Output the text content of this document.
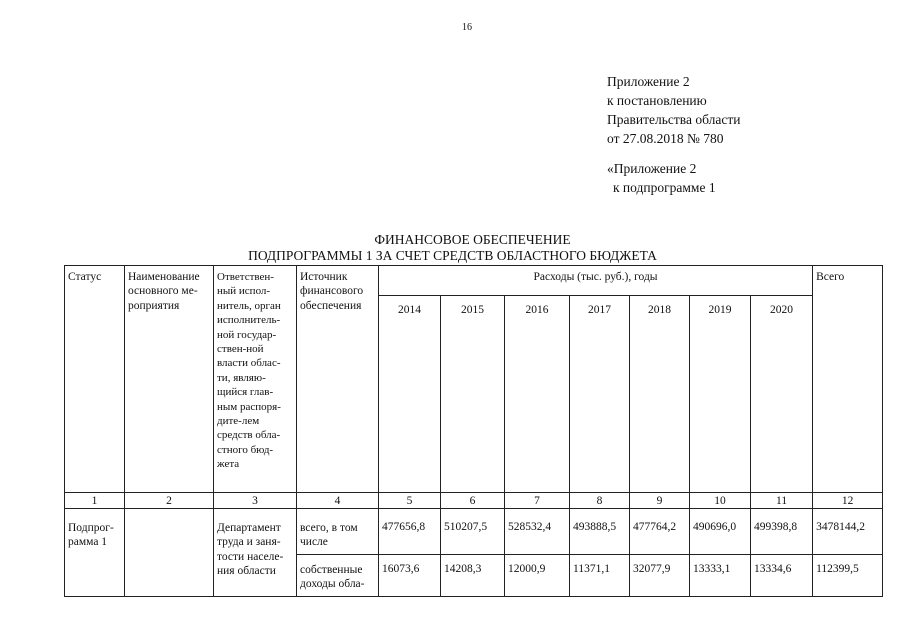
16
Приложение 2
к постановлению
Правительства области
от 27.08.2018 № 780
«Приложение 2
к подпрограмме 1
ФИНАНСОВОЕ ОБЕСПЕЧЕНИЕ
ПОДПРОГРАММЫ 1 ЗА СЧЕТ СРЕДСТВ ОБЛАСТНОГО БЮДЖЕТА
Статус	Наименование основного ме-роприятия	Ответствен-ный испол-нитель, орган исполнитель-ной государ-ствен-ной власти облас-ти, являю-щийся глав-ным распоря-дите-лем средств обла-стного бюд-жета	Источник финансового обеспечения	Расходы (тыс. руб.), годы							Всего
				2014	2015	2016	2017	2018	2019	2020	
1	2	3	4	5	6	7	8	9	10	11	12
Подпрог-рамма 1		Департамент труда и заня-тости населе-ния области	всего, в том числе	477656,8	510207,5	528532,4	493888,5	477764,2	490696,0	499398,8	3478144,2
			собственные доходы обла-	16073,6	14208,3	12000,9	11371,1	32077,9	13333,1	13334,6	112399,5
